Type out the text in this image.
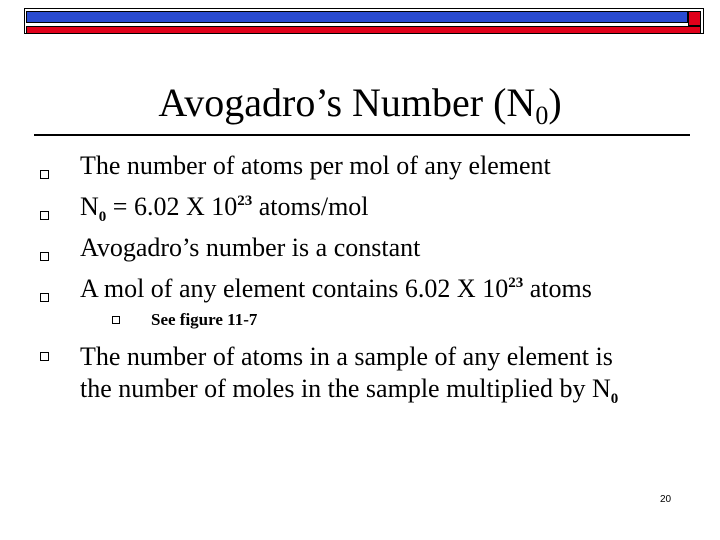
Avogadro’s Number $(N_0)$
The number of atoms per mol of any element
$N_0 = 6.02$ X $10^{23}$ atoms/mol
Avogadro’s number is a constant
A mol of any element contains 6.02 X $10^{23}$ atoms
See figure 11-7
The number of atoms in a sample of any element is
the number of moles in the sample multiplied by $N_0$
20
